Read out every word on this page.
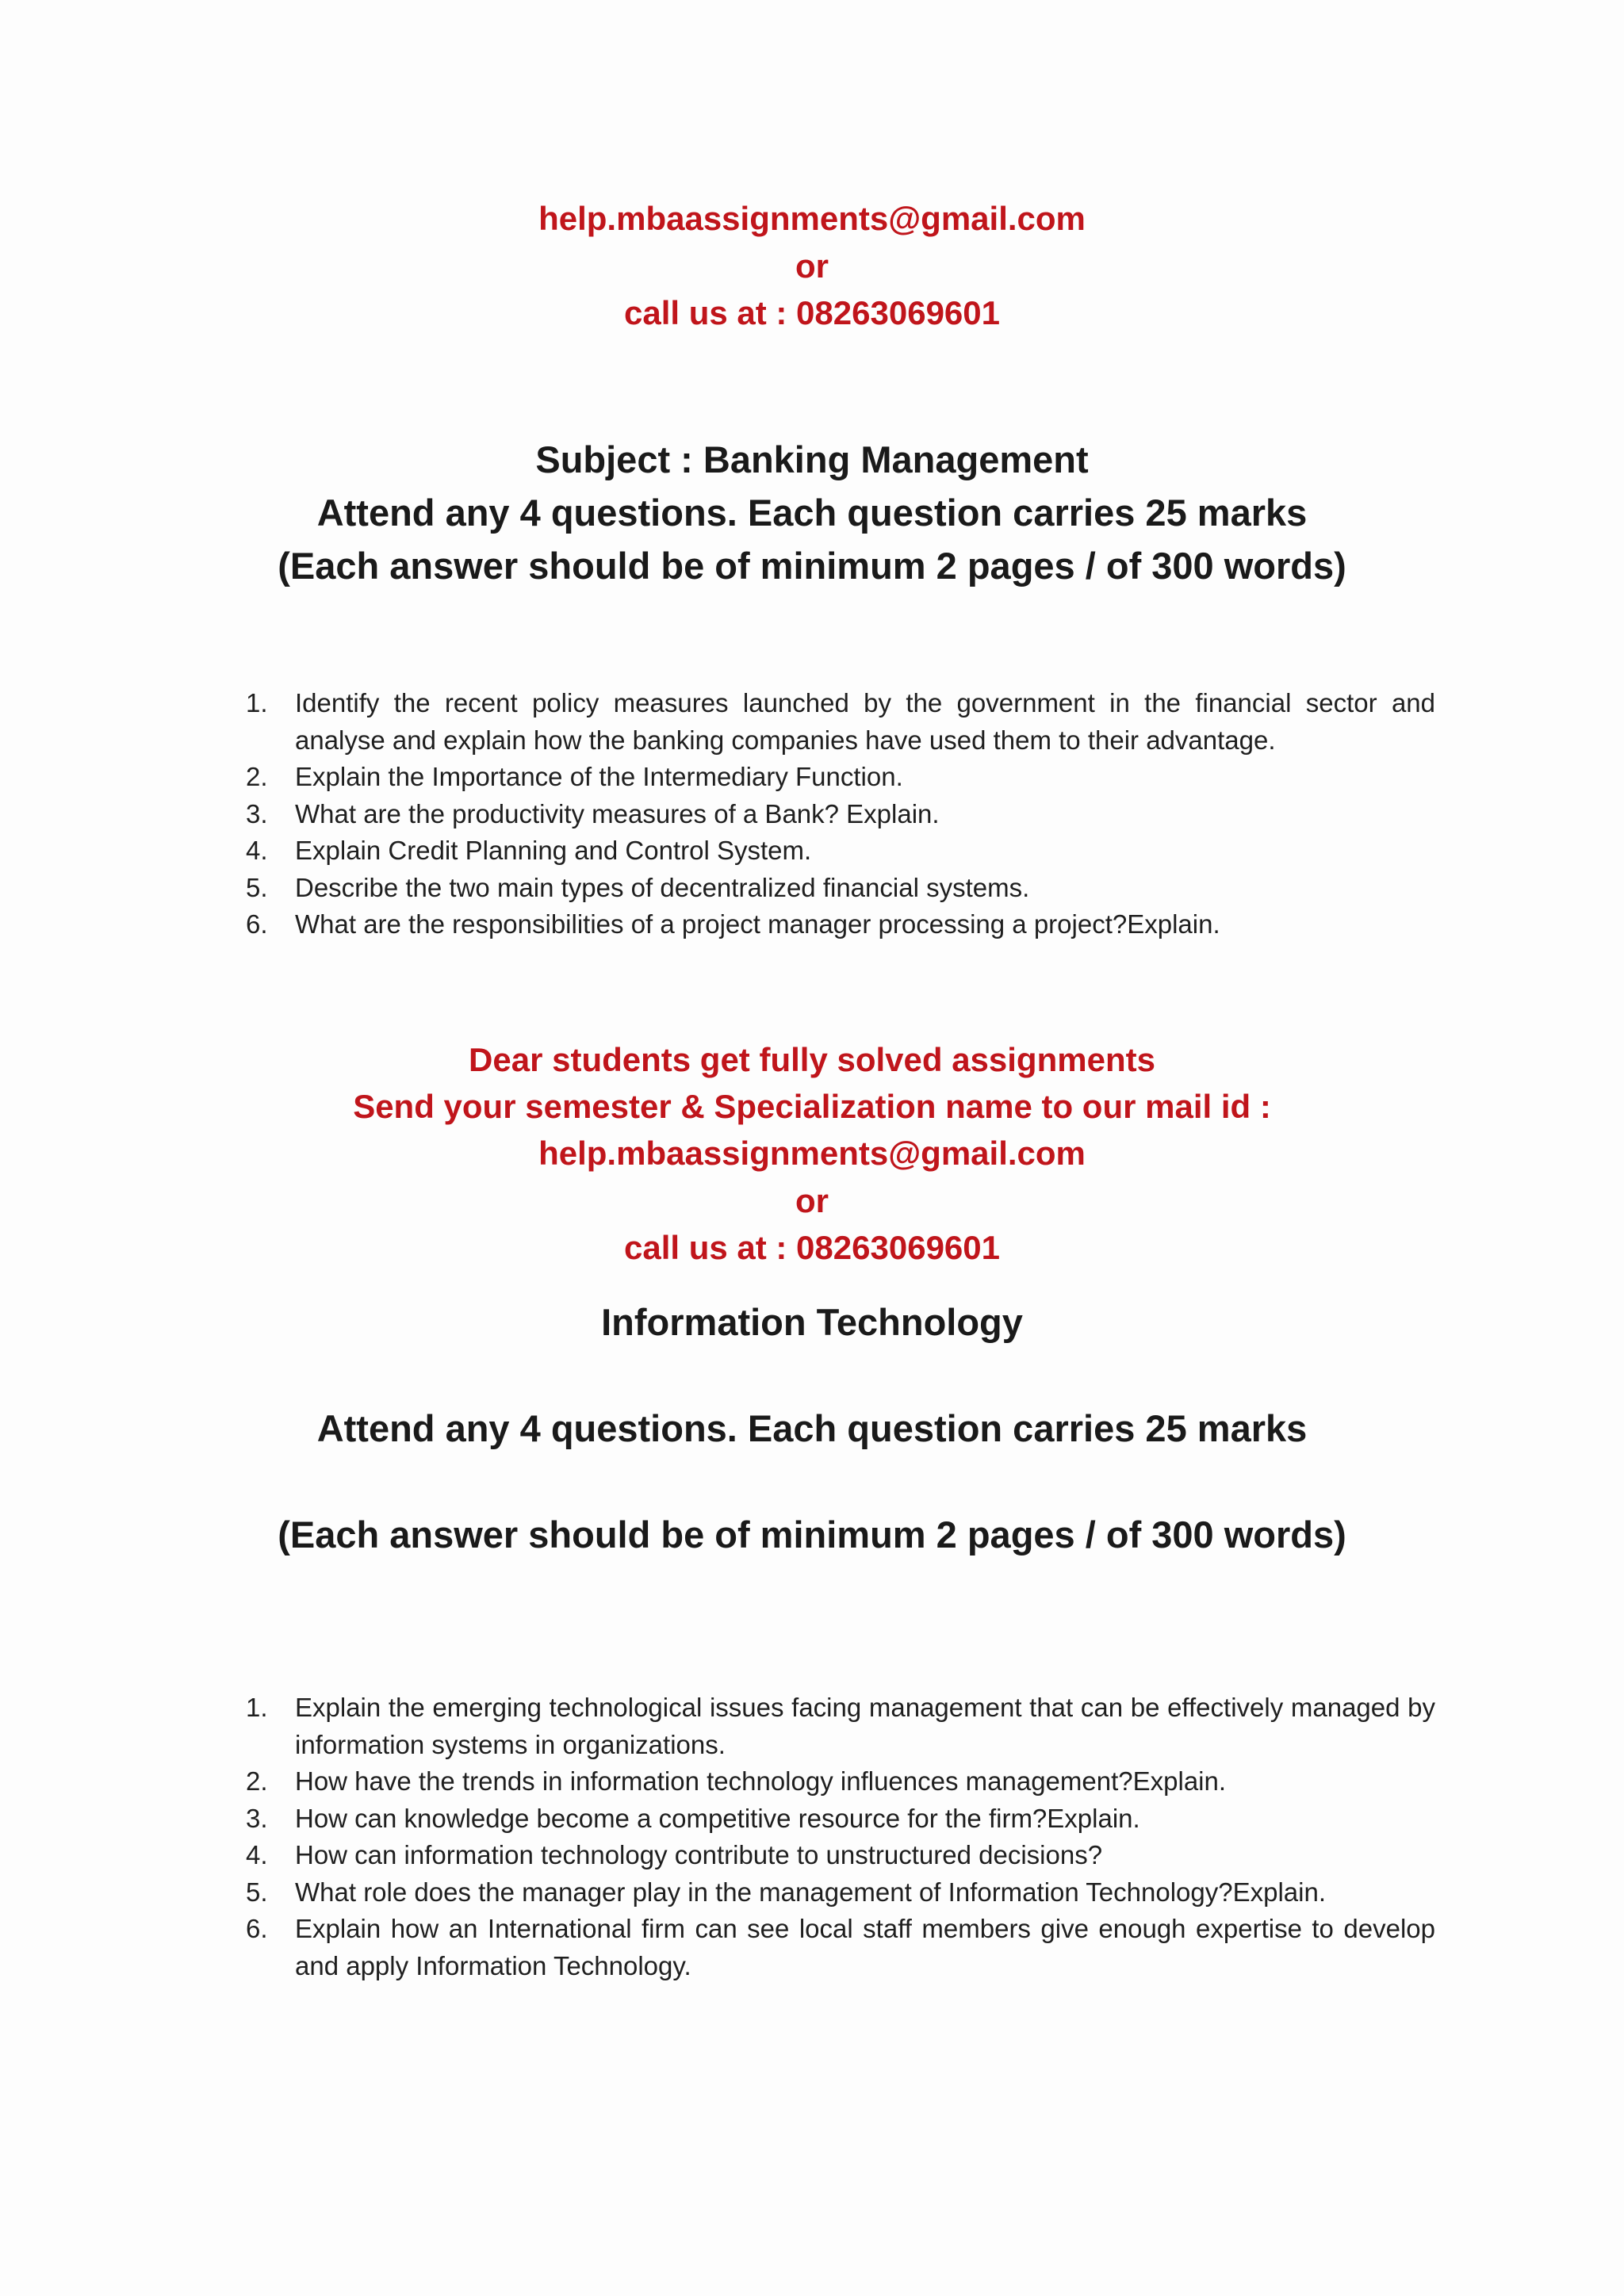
help.mbaassignments@gmail.com
or
call us at : 08263069601
Subject : Banking Management
Attend any 4 questions. Each question carries 25 marks
(Each answer should be of minimum 2 pages / of 300 words)
1. Identify the recent policy measures launched by the government in the financial sector and analyse and explain how the banking companies have used them to their advantage.
2. Explain the Importance of the Intermediary Function.
3. What are the productivity measures of a Bank? Explain.
4. Explain Credit Planning and Control System.
5. Describe the two main types of decentralized financial systems.
6. What are the responsibilities of a project manager processing a project?Explain.
Dear students get fully solved assignments
Send your semester & Specialization name to our mail id :
help.mbaassignments@gmail.com
or
call us at : 08263069601
Information Technology
Attend any 4 questions. Each question carries 25 marks
(Each answer should be of minimum 2 pages / of 300 words)
1. Explain the emerging technological issues facing management that can be effectively managed by information systems in organizations.
2. How have the trends in information technology influences management?Explain.
3. How can knowledge become a competitive resource for the firm?Explain.
4. How can information technology contribute to unstructured decisions?
5. What role does the manager play in the management of Information Technology?Explain.
6. Explain how an International firm can see local staff members give enough expertise to develop and apply Information Technology.
